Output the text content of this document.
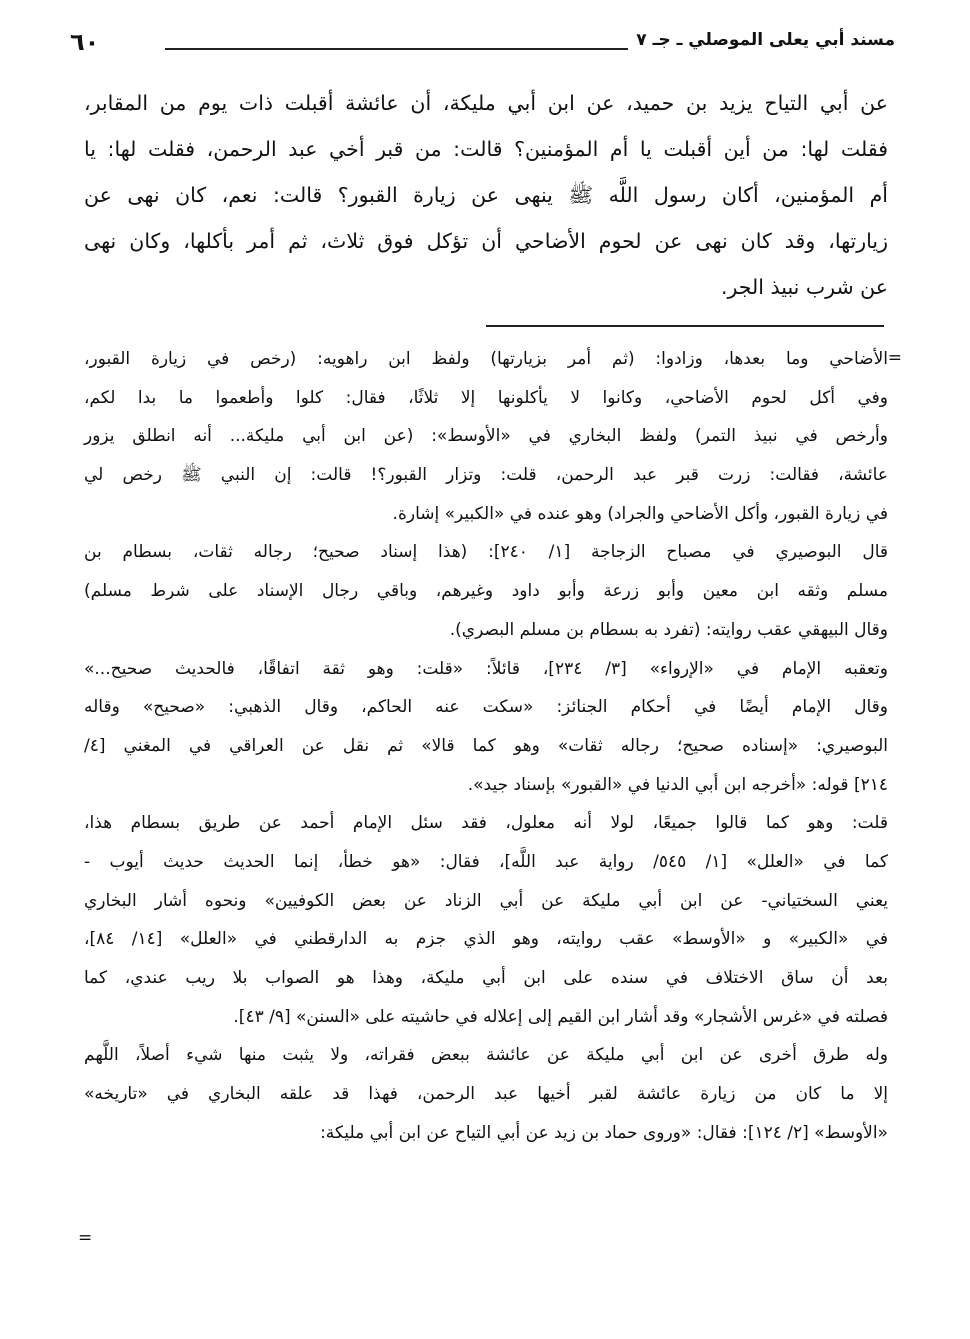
مسند أبي يعلى الموصلي ـ جـ ٧
٦٠
عن أبي التياح يزيد بن حميد، عن ابن أبي مليكة، أن عائشة أقبلت ذات يوم من المقابر،
فقلت لها: من أين أقبلت يا أم المؤمنين؟ قالت: من قبر أخي عبد الرحمن، فقلت لها: يا
أم المؤمنين، أكان رسول اللَّه ﷺ ينهى عن زيارة القبور؟ قالت: نعم، كان نهى عن
زيارتها، وقد كان نهى عن لحوم الأضاحي أن تؤكل فوق ثلاث، ثم أمر بأكلها، وكان نهى
عن شرب نبيذ الجر.
=
الأضاحي وما بعدها، وزادوا: (ثم أمر بزيارتها) ولفظ ابن راهويه: (رخص في زيارة القبور،
وفي أكل لحوم الأضاحي، وكانوا لا يأكلونها إلا ثلاثًا، فقال: كلوا وأطعموا ما بدا لكم،
وأرخص في نبيذ التمر) ولفظ البخاري في «الأوسط»: (عن ابن أبي مليكة... أنه انطلق يزور
عائشة، فقالت: زرت قبر عبد الرحمن، قلت: وتزار القبور؟! قالت: إن النبي ﷺ رخص لي
في زيارة القبور، وأكل الأضاحي والجراد) وهو عنده في «الكبير» إشارة.
قال البوصيري في مصباح الزجاجة [١/ ٢٤٠]: (هذا إسناد صحيح؛ رجاله ثقات، بسطام بن
مسلم وثقه ابن معين وأبو زرعة وأبو داود وغيرهم، وباقي رجال الإسناد على شرط مسلم)
وقال البيهقي عقب روايته: (تفرد به بسطام بن مسلم البصري).
وتعقبه الإمام في «الإرواء» [٣/ ٢٣٤]، قائلاً: «قلت: وهو ثقة اتفاقًا، فالحديث صحيح...»
وقال الإمام أيضًا في أحكام الجنائز: «سكت عنه الحاكم، وقال الذهبي: «صحيح» وقاله
البوصيري: «إسناده صحيح؛ رجاله ثقات» وهو كما قالا» ثم نقل عن العراقي في المغني [٤/
٢١٤] قوله: «أخرجه ابن أبي الدنيا في «القبور» بإسناد جيد».
قلت: وهو كما قالوا جميعًا، لولا أنه معلول، فقد سئل الإمام أحمد عن طريق بسطام هذا،
كما في «العلل» [١/ ٥٤٥/ رواية عبد اللَّه]، فقال: «هو خطأ، إنما الحديث حديث أيوب -
يعني السختياني- عن ابن أبي مليكة عن أبي الزناد عن بعض الكوفيين» ونحوه أشار البخاري
في «الكبير» و «الأوسط» عقب روايته، وهو الذي جزم به الدارقطني في «العلل» [١٤/ ٨٤]،
بعد أن ساق الاختلاف في سنده على ابن أبي مليكة، وهذا هو الصواب بلا ريب عندي، كما
فصلته في «غرس الأشجار» وقد أشار ابن القيم إلى إعلاله في حاشيته على «السنن» [٩/ ٤٣].
وله طرق أخرى عن ابن أبي مليكة عن عائشة ببعض فقراته، ولا يثبت منها شيء أصلاً، اللَّهم
إلا ما كان من زيارة عائشة لقبر أخيها عبد الرحمن، فهذا قد علقه البخاري في «تاريخه»
«الأوسط» [٢/ ١٢٤]: فقال: «وروى حماد بن زيد عن أبي التياح عن ابن أبي مليكة:
=
